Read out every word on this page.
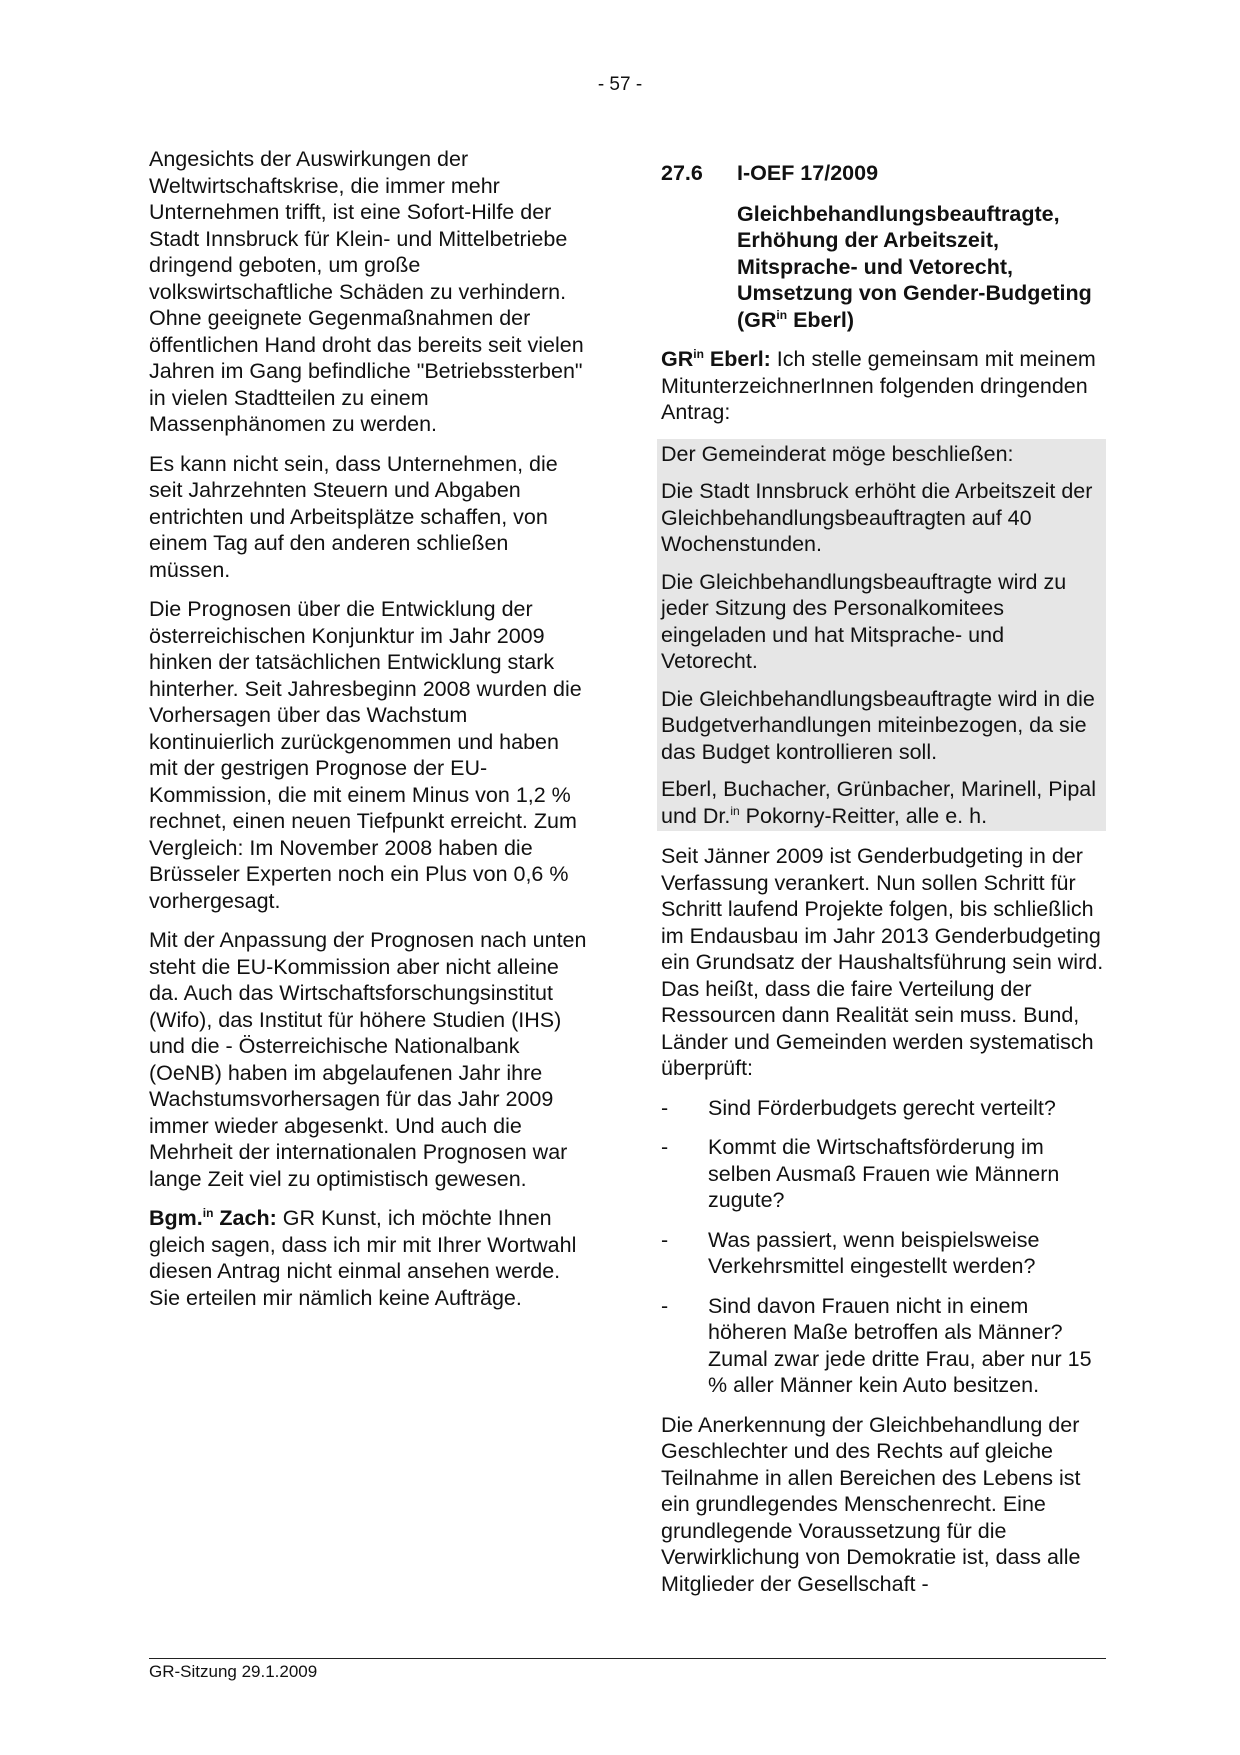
- 57 -

Angesichts der Auswirkungen der Weltwirtschaftskrise, die immer mehr Unternehmen trifft, ist eine Sofort-Hilfe der Stadt Innsbruck für Klein- und Mittelbetriebe dringend geboten, um große volkswirtschaftliche Schäden zu verhindern. Ohne geeignete Gegenmaßnahmen der öffentlichen Hand droht das bereits seit vielen Jahren im Gang befindliche "Betriebssterben" in vielen Stadtteilen zu einem Massenphänomen zu werden.

Es kann nicht sein, dass Unternehmen, die seit Jahrzehnten Steuern und Abgaben entrichten und Arbeitsplätze schaffen, von einem Tag auf den anderen schließen müssen.

Die Prognosen über die Entwicklung der österreichischen Konjunktur im Jahr 2009 hinken der tatsächlichen Entwicklung stark hinterher. Seit Jahresbeginn 2008 wurden die Vorhersagen über das Wachstum kontinuierlich zurückgenommen und haben mit der gestrigen Prognose der EU-Kommission, die mit einem Minus von 1,2 % rechnet, einen neuen Tiefpunkt erreicht. Zum Vergleich: Im November 2008 haben die Brüsseler Experten noch ein Plus von 0,6 % vorhergesagt.

Mit der Anpassung der Prognosen nach unten steht die EU-Kommission aber nicht alleine da. Auch das Wirtschaftsforschungsinstitut (Wifo), das Institut für höhere Studien (IHS) und die - Österreichische Nationalbank (OeNB) haben im abgelaufenen Jahr ihre Wachstumsvorhersagen für das Jahr 2009 immer wieder abgesenkt. Und auch die Mehrheit der internationalen Prognosen war lange Zeit viel zu optimistisch gewesen.

Bgm.$^{in}$ Zach: GR Kunst, ich möchte Ihnen gleich sagen, dass ich mir mit Ihrer Wortwahl diesen Antrag nicht einmal ansehen werde. Sie erteilen mir nämlich keine Aufträge.

27.6	I-OEF 17/2009

Gleichbehandlungsbeauftragte, Erhöhung der Arbeitszeit, Mitsprache- und Vetorecht, Umsetzung von Gender-Budgeting ($GR^{in}$ Eberl)

$GR^{in}$ Eberl: Ich stelle gemeinsam mit meinem MitunterzeichnerInnen folgenden dringenden Antrag:

Der Gemeinderat möge beschließen:

Die Stadt Innsbruck erhöht die Arbeitszeit der Gleichbehandlungsbeauftragten auf 40 Wochenstunden.

Die Gleichbehandlungsbeauftragte wird zu jeder Sitzung des Personalkomitees eingeladen und hat Mitsprache- und Vetorecht.

Die Gleichbehandlungsbeauftragte wird in die Budgetverhandlungen miteinbezogen, da sie das Budget kontrollieren soll.

Eberl, Buchacher, Grünbacher, Marinell, Pipal und Dr.$^{in}$ Pokorny-Reitter, alle e. h.

Seit Jänner 2009 ist Genderbudgeting in der Verfassung verankert. Nun sollen Schritt für Schritt laufend Projekte folgen, bis schließlich im Endausbau im Jahr 2013 Genderbudgeting ein Grundsatz der Haushaltsführung sein wird. Das heißt, dass die faire Verteilung der Ressourcen dann Realität sein muss. Bund, Länder und Gemeinden werden systematisch überprüft:

-	Sind Förderbudgets gerecht verteilt?
-	Kommt die Wirtschaftsförderung im selben Ausmaß Frauen wie Männern zugute?
-	Was passiert, wenn beispielsweise Verkehrsmittel eingestellt werden?
-	Sind davon Frauen nicht in einem höheren Maße betroffen als Männer? Zumal zwar jede dritte Frau, aber nur 15 % aller Männer kein Auto besitzen.

Die Anerkennung der Gleichbehandlung der Geschlechter und des Rechts auf gleiche Teilnahme in allen Bereichen des Lebens ist ein grundlegendes Menschenrecht. Eine grundlegende Voraussetzung für die Verwirklichung von Demokratie ist, dass alle Mitglieder der Gesellschaft -

GR-Sitzung 29.1.2009
